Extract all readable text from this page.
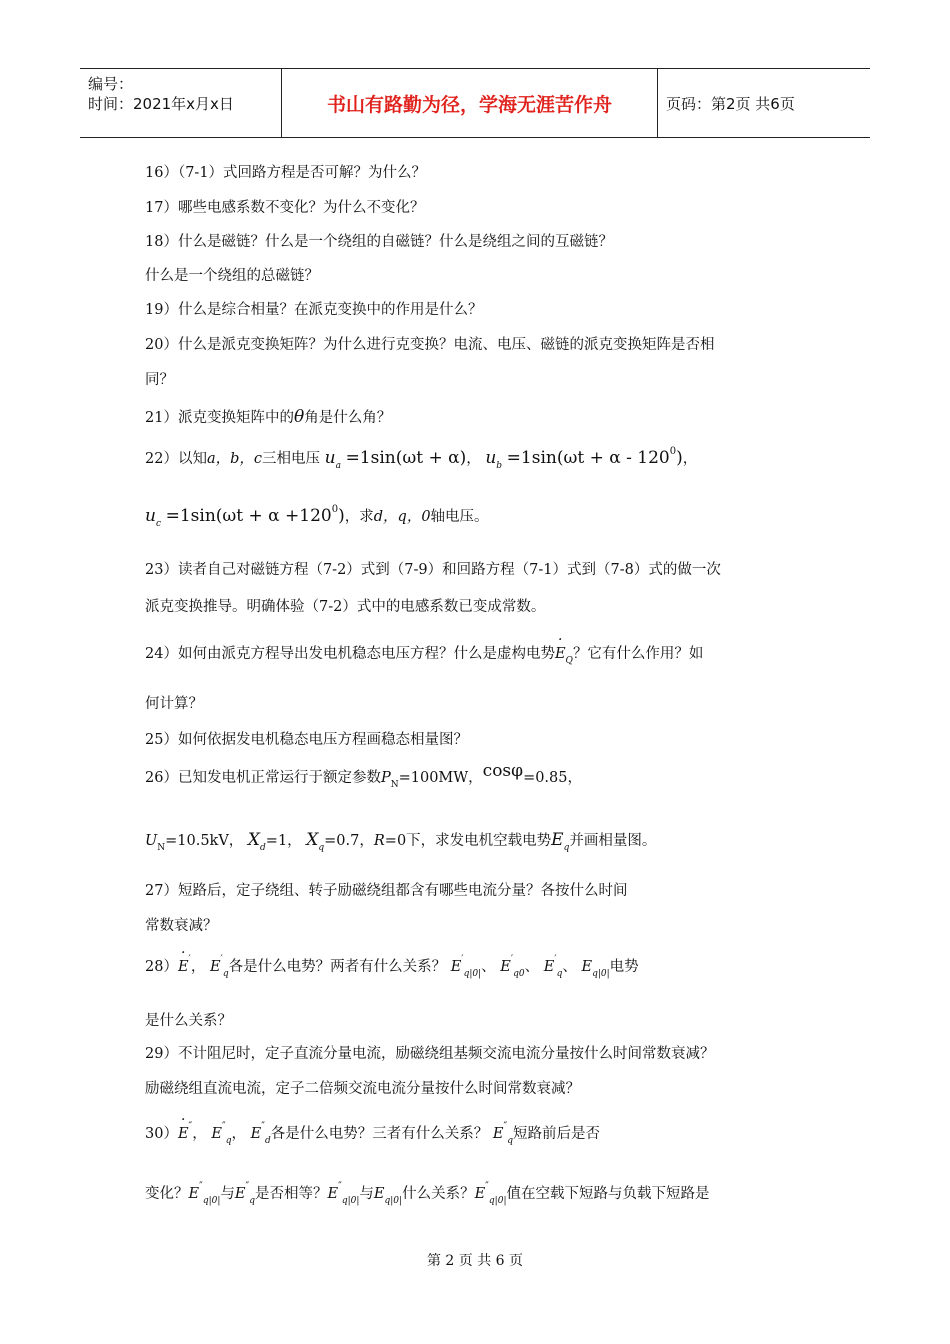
编号：
时间：2021年x月x日	书山有路勤为径，学海无涯苦作舟	页码：第2页 共6页
16）（7-1）式回路方程是否可解？为什么？
17）哪些电感系数不变化？为什么不变化？
18）什么是磁链？什么是一个绕组的自磁链？什么是绕组之间的互磁链？
什么是一个绕组的总磁链？
19）什么是综合相量？在派克变换中的作用是什么？
20）什么是派克变换矩阵？为什么进行克变换？电流、电压、磁链的派克变换矩阵是否相
同？
21）派克变换矩阵中的θ角是什么角？
22）以知a，b，c三相电压 $u_a =1\sin(\omega t + \alpha)$， $u_b =1\sin(\omega t + \alpha - 120^0)$，
$u_c =1\sin(\omega t + \alpha +120^0)$，求d，q，0轴电压。
23）读者自己对磁链方程（7-2）式到（7-9）和回路方程（7-1）式到（7-8）式的做一次
派克变换推导。明确体验（7-2）式中的电感系数已变成常数。
24）如何由派克方程导出发电机稳态电压方程？什么是虚构电势· $E_Q$？它有什么作用？如
何计算？
25）如何依据发电机稳态电压方程画稳态相量图？
26）已知发电机正常运行于额定参数$P_N=100MW$，cosφ=0.85，
$U_N=10.5kV$， $X_d=1$， $X_q=0.7$，R=0下，求发电机空载电势$E_q$并画相量图。
27）短路后，定子绕组、转子励磁绕组都含有哪些电流分量？各按什么时间
常数衰减？
28）· E′， $E'_q$各是什么电势？两者有什么关系？ $E'_{q|0|}$、 $E'_{q0}$、 $E'_q$、 $E_{q|0|}$电势
是什么关系？
29）不计阻尼时，定子直流分量电流，励磁绕组基频交流电流分量按什么时间常数衰减？
励磁绕组直流电流，定子二倍频交流电流分量按什么时间常数衰减？
30）· E″， $E''_q$， $E''_d$各是什么电势？三者有什么关系？ $E''_q$短路前后是否
变化？$E''_{q|0|}$与$E''_q$是否相等？$E''_{q|0|}$与$E_{q|0|}$什么关系？$E''_{q|0|}$值在空载下短路与负载下短路是
第 2 页 共 6 页
